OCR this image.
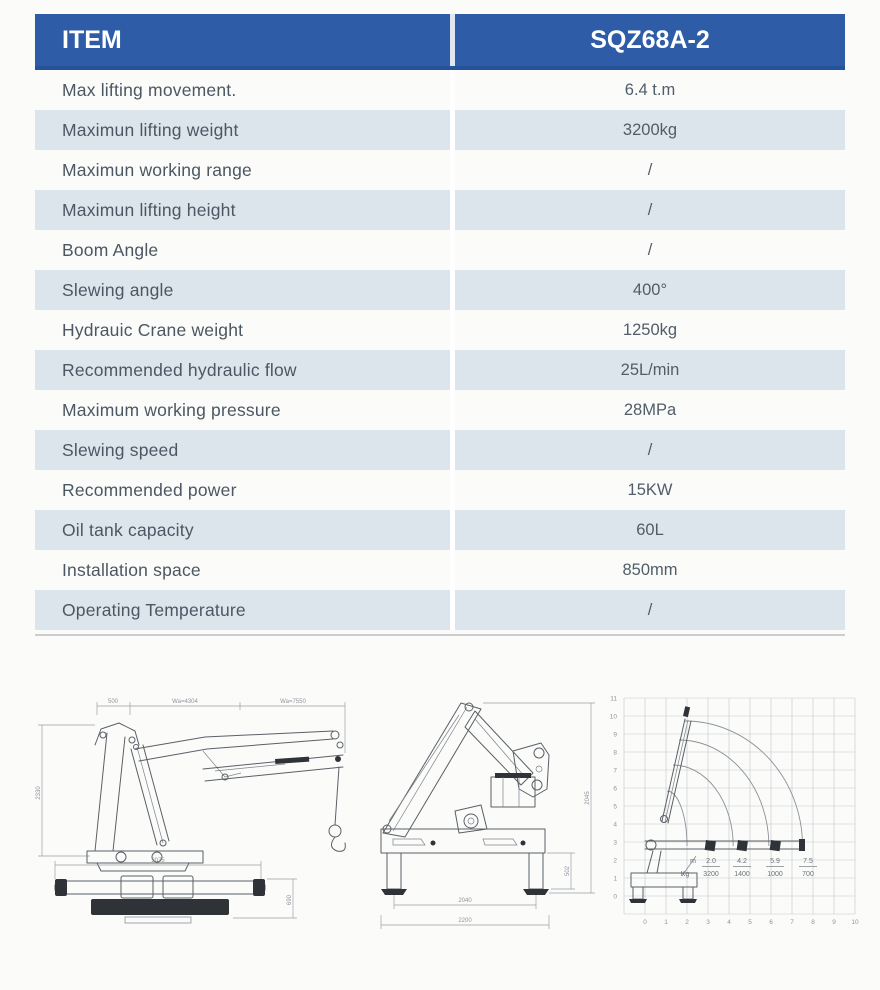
ITEM	SQZ68A-2
Max lifting movement.	6.4 t.m
Maximun lifting weight	3200kg
Maximun working range	/
Maximun lifting height	/
Boom Angle	/
Slewing angle	400°
Hydrauic Crane weight	1250kg
Recommended hydraulic flow	25L/min
Maximum working pressure	28MPa
Slewing speed	/
Recommended power	15KW
Oil tank capacity	60L
Installation space	850mm
Operating Temperature	/
500	Wa=4304	Wa=7550
2330
3075
690
2045
502
2040
2200
m
Kg
2.0
3200
4.2
1400
5.9
1000
7.5
700
0	1	2	3	4	5	6	7	8	9 10
0
1
2
3
4
5
6
7
8
9
10
11
